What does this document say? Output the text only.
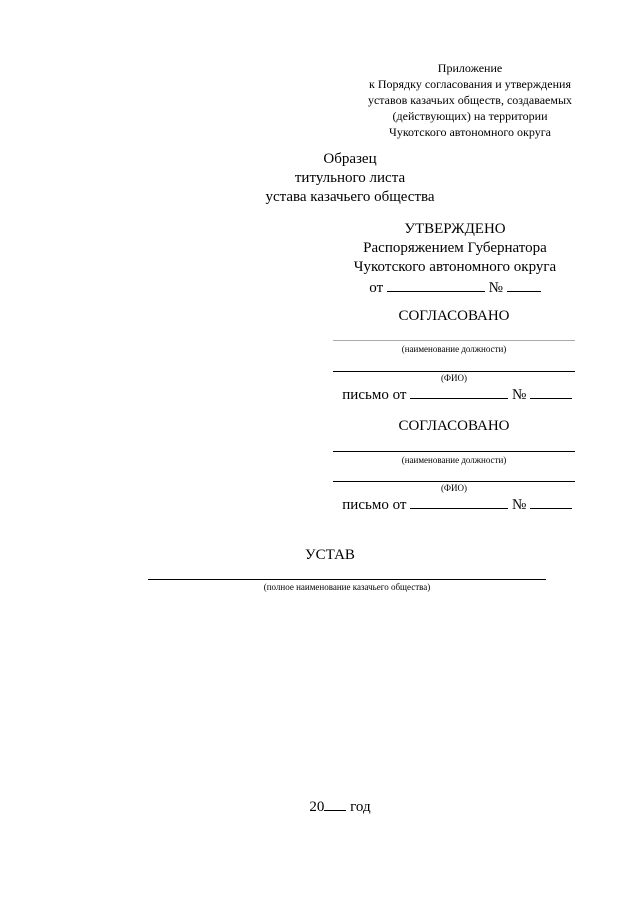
Приложение
к Порядку согласования и утверждения
уставов казачьих обществ, создаваемых
(действующих) на территории
Чукотского автономного округа
Образец
титульного листа
устава казачьего общества
УТВЕРЖДЕНО
Распоряжением Губернатора
Чукотского автономного округа
от	№
СОГЛАСОВАНО
(наименование должности)
(ФИО)
письмо от	№
СОГЛАСОВАНО
(наименование должности)
(ФИО)
письмо от	№
УСТАВ
(полное наименование казачьего общества)
20 год
